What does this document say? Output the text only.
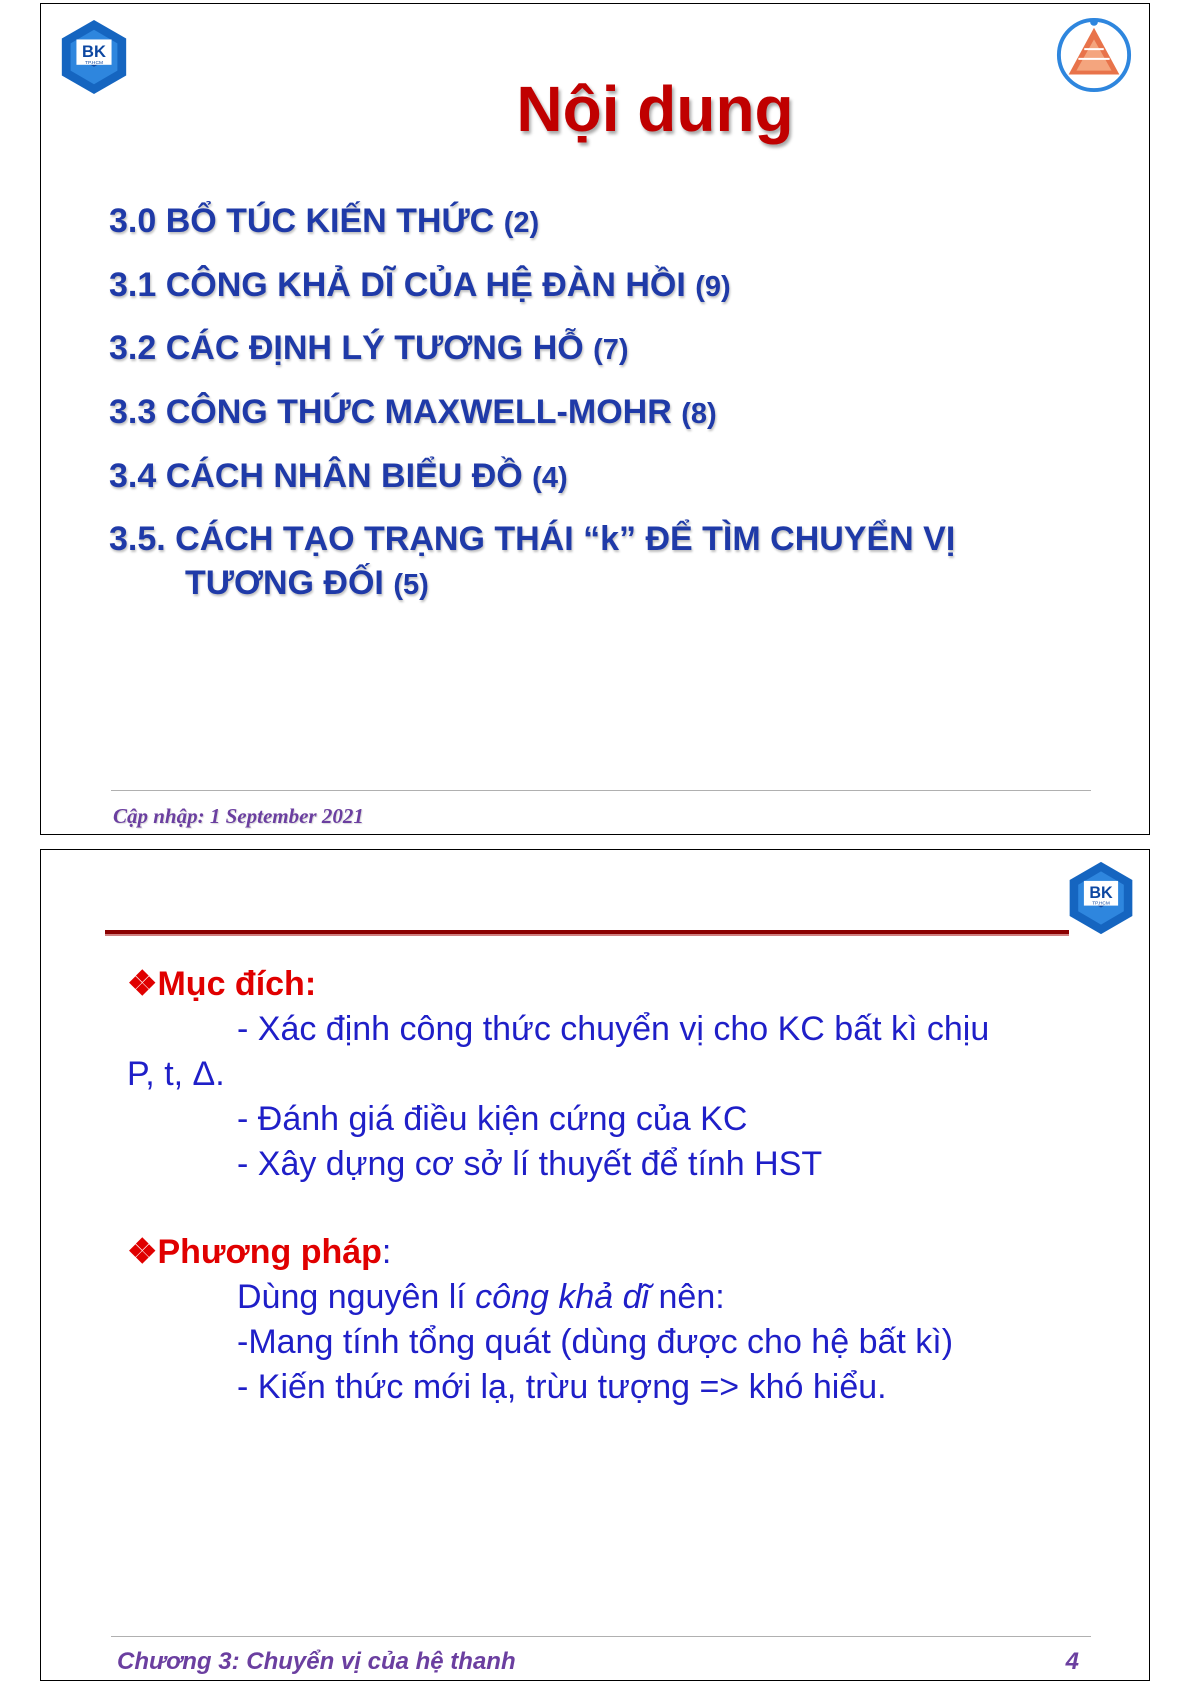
BK
TP.HCM
Nội dung
3.0 BỔ TÚC KIẾN THỨC (2)
3.1 CÔNG KHẢ DĨ CỦA HỆ ĐÀN HỒI (9)
3.2 CÁC ĐỊNH LÝ TƯƠNG HỖ (7)
3.3 CÔNG THỨC MAXWELL-MOHR (8)
3.4 CÁCH NHÂN BIỂU ĐỒ (4)
3.5. CÁCH TẠO TRẠNG THÁI “k” ĐỂ TÌM CHUYỂN VỊ
TƯƠNG ĐỐI (5)
Cập nhập: 1 September 2021
BK
TP.HCM
❖Mục đích:
- Xác định công thức chuyển vị cho KC bất kì chịu
P, t, Δ.
- Đánh giá điều kiện cứng của KC
- Xây dựng cơ sở lí thuyết để tính HST
❖Phương pháp:
Dùng nguyên lí công khả dĩ nên:
-Mang tính tổng quát (dùng được cho hệ bất kì)
- Kiến thức mới lạ, trừu tượng => khó hiểu.
Chương 3: Chuyển vị của hệ thanh	4
